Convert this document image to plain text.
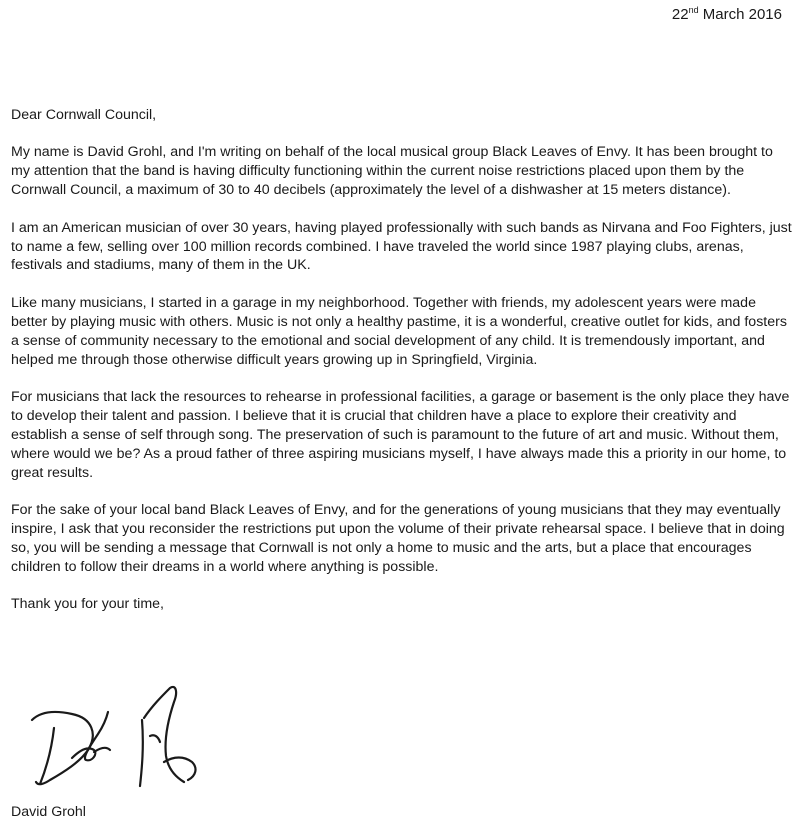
22nd March 2016

Dear Cornwall Council,

My name is David Grohl, and I'm writing on behalf of the local musical group Black Leaves of Envy. It has been brought to my attention that the band is having difficulty functioning within the current noise restrictions placed upon them by the Cornwall Council, a maximum of 30 to 40 decibels (approximately the level of a dishwasher at 15 meters distance).

I am an American musician of over 30 years, having played professionally with such bands as Nirvana and Foo Fighters, just to name a few, selling over 100 million records combined. I have traveled the world since 1987 playing clubs, arenas, festivals and stadiums, many of them in the UK.

Like many musicians, I started in a garage in my neighborhood. Together with friends, my adolescent years were made better by playing music with others. Music is not only a healthy pastime, it is a wonderful, creative outlet for kids, and fosters a sense of community necessary to the emotional and social development of any child. It is tremendously important, and helped me through those otherwise difficult years growing up in Springfield, Virginia.

For musicians that lack the resources to rehearse in professional facilities, a garage or basement is the only place they have to develop their talent and passion. I believe that it is crucial that children have a place to explore their creativity and establish a sense of self through song. The preservation of such is paramount to the future of art and music. Without them, where would we be? As a proud father of three aspiring musicians myself, I have always made this a priority in our home, to great results.

For the sake of your local band Black Leaves of Envy, and for the generations of young musicians that they may eventually inspire, I ask that you reconsider the restrictions put upon the volume of their private rehearsal space. I believe that in doing so, you will be sending a message that Cornwall is not only a home to music and the arts, but a place that encourages children to follow their dreams in a world where anything is possible.

Thank you for your time,

David Grohl
